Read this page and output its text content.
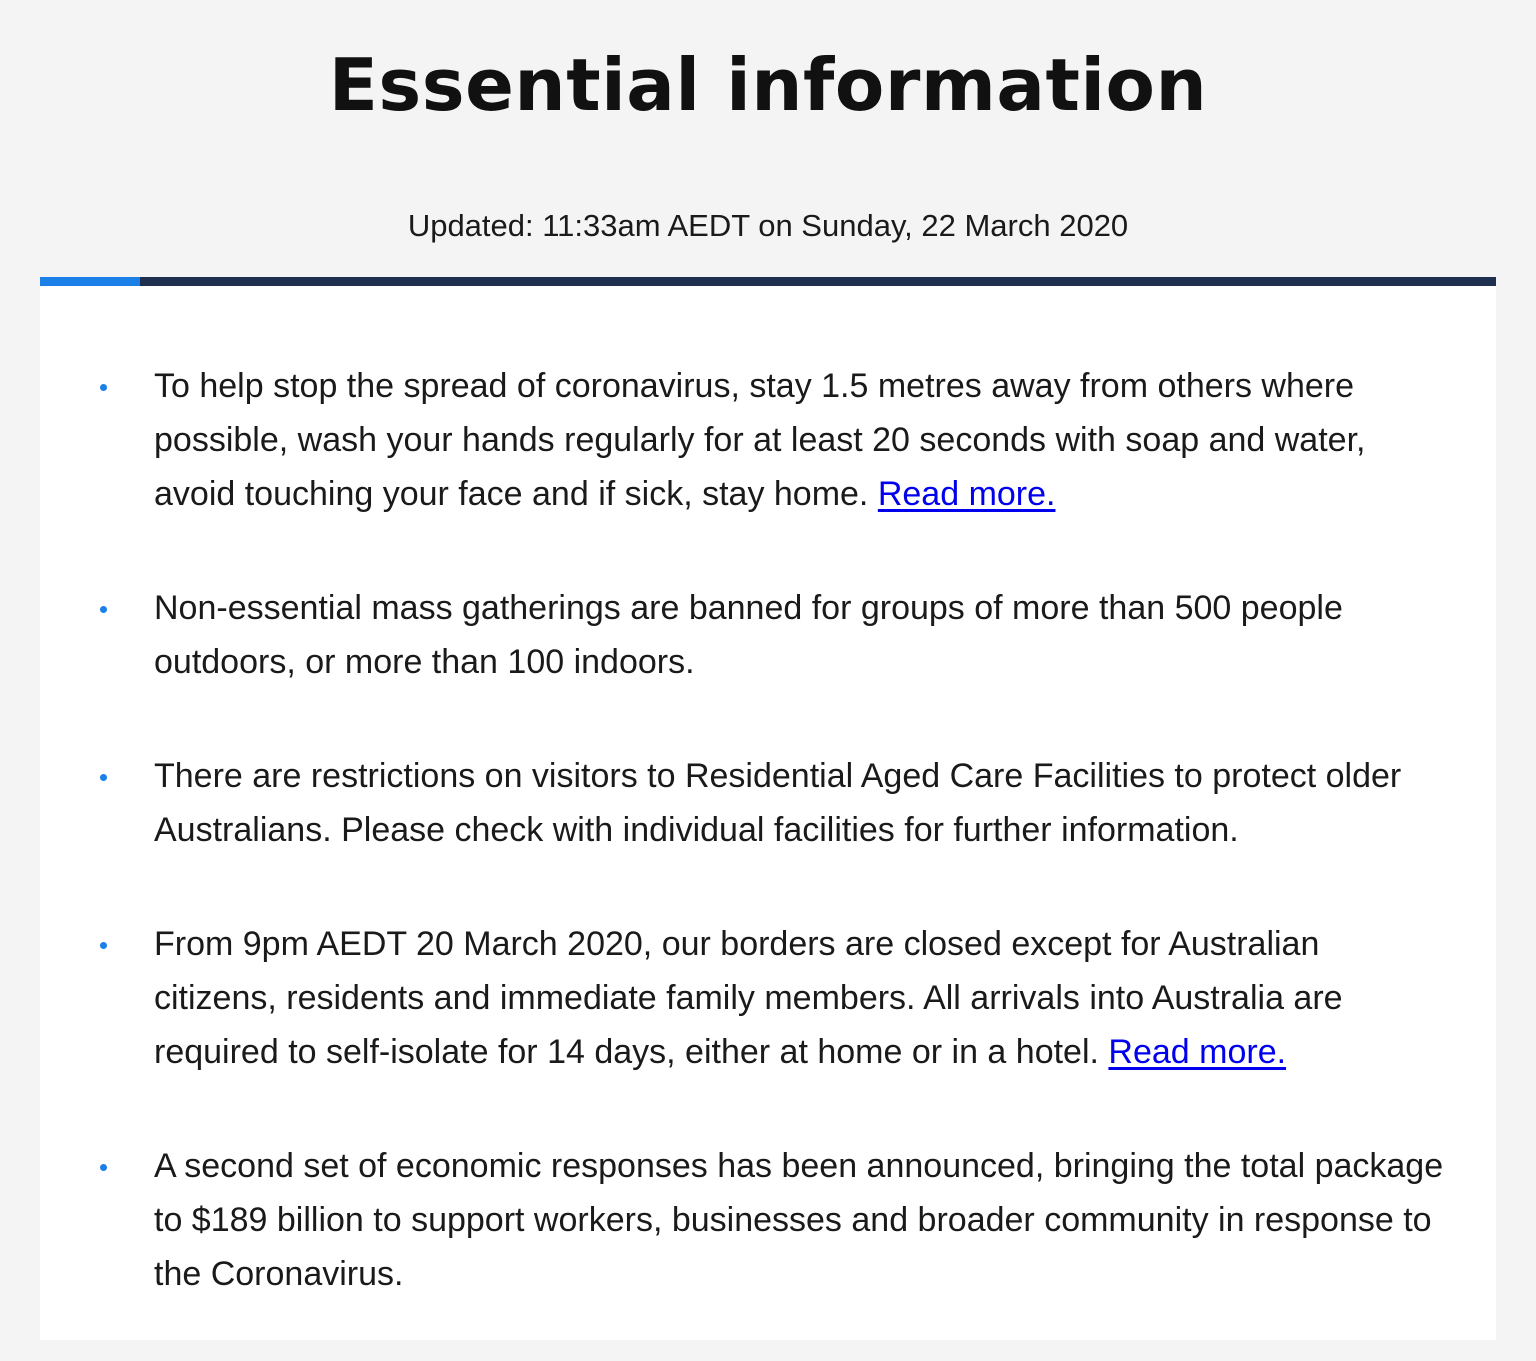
Essential information
Updated: 11:33am AEDT on Sunday, 22 March 2020
To help stop the spread of coronavirus, stay 1.5 metres away from others where possible, wash your hands regularly for at least 20 seconds with soap and water, avoid touching your face and if sick, stay home. Read more.
Non-essential mass gatherings are banned for groups of more than 500 people outdoors, or more than 100 indoors.
There are restrictions on visitors to Residential Aged Care Facilities to protect older Australians. Please check with individual facilities for further information.
From 9pm AEDT 20 March 2020, our borders are closed except for Australian citizens, residents and immediate family members. All arrivals into Australia are required to self-isolate for 14 days, either at home or in a hotel. Read more.
A second set of economic responses has been announced, bringing the total package to $189 billion to support workers, businesses and broader community in response to the Coronavirus.
